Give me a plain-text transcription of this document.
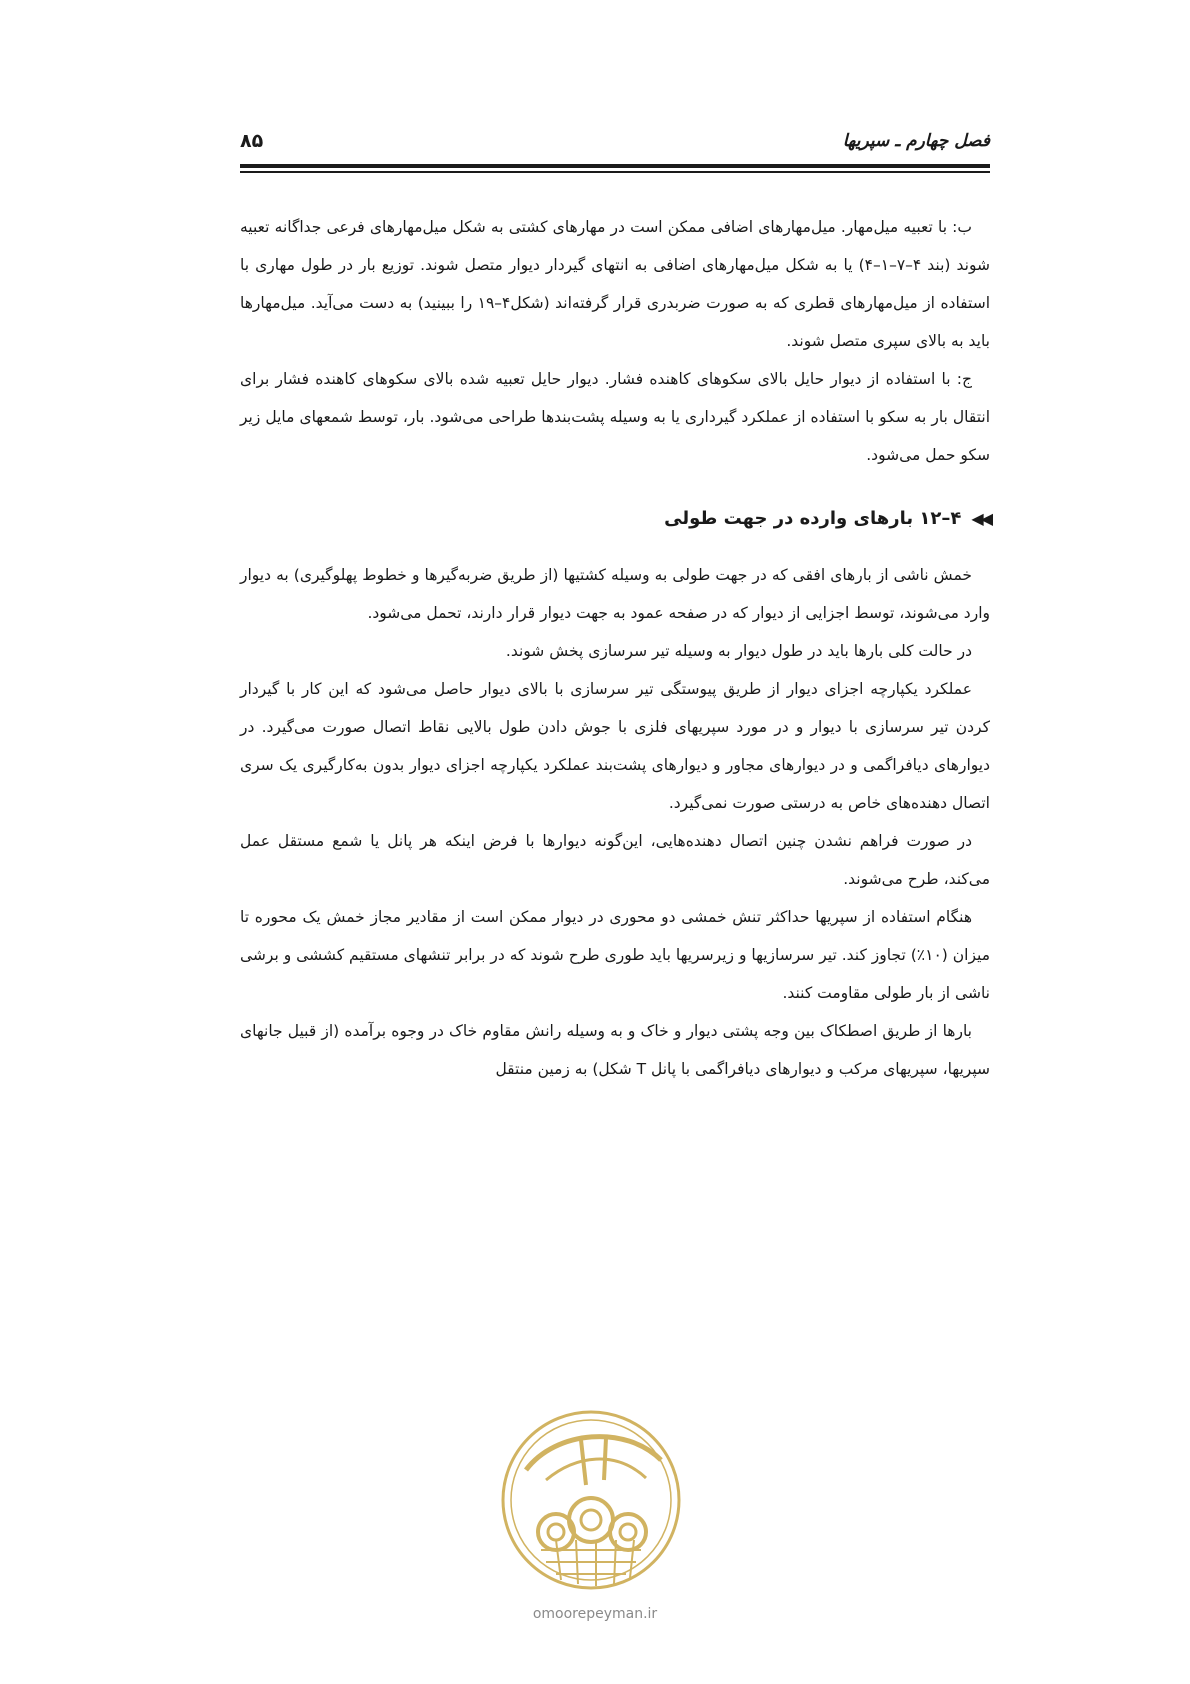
۸۵	فصل چهارم ـ سپریها

ب: با تعبیه میل‌مهار. میل‌مهارهای اضافی ممکن است در مهارهای کشتی به شکل میل‌مهارهای فرعی جداگانه تعبیه شوند (بند ۴–۷–۱–۴) یا به شکل میل‌مهارهای اضافی به انتهای گیردار دیوار متصل شوند. توزیع بار در طول مهاری با استفاده از میل‌مهارهای قطری که به صورت ضربدری قرار گرفته‌اند (شکل۴–۱۹ را ببینید) به دست می‌آید. میل‌مهارها باید به بالای سپری متصل شوند.

ج: با استفاده از دیوار حایل بالای سکوهای کاهنده فشار. دیوار حایل تعبیه شده بالای سکوهای کاهنده فشار برای انتقال بار به سکو با استفاده از عملکرد گیرداری یا به وسیله پشت‌بندها طراحی می‌شود. بار، توسط شمعهای مایل زیر سکو حمل می‌شود.

◀◀
۴–۱۲ بارهای وارده در جهت طولی

خمش ناشی از بارهای افقی که در جهت طولی به وسیله کشتیها (از طریق ضربه‌گیرها و خطوط پهلوگیری) به دیوار وارد می‌شوند، توسط اجزایی از دیوار که در صفحه عمود به جهت دیوار قرار دارند، تحمل می‌شود.

در حالت کلی بارها باید در طول دیوار به وسیله تیر سرسازی پخش شوند.

عملکرد یکپارچه اجزای دیوار از طریق پیوستگی تیر سرسازی با بالای دیوار حاصل می‌شود که این کار با گیردار کردن تیر سرسازی با دیوار و در مورد سپریهای فلزی با جوش دادن طول بالایی نقاط اتصال صورت می‌گیرد. در دیوارهای دیافراگمی و در دیوارهای مجاور و دیوارهای پشت‌بند عملکرد یکپارچه اجزای دیوار بدون به‌کارگیری یک سری اتصال دهنده‌های خاص به درستی صورت نمی‌گیرد.

در صورت فراهم نشدن چنین اتصال دهنده‌هایی، این‌گونه دیوارها با فرض اینکه هر پانل یا شمع مستقل عمل می‌کند، طرح می‌شوند.

هنگام استفاده از سپریها حداکثر تنش خمشی دو محوری در دیوار ممکن است از مقادیر مجاز خمش یک محوره تا میزان (۱۰٪) تجاوز کند. تیر سرسازیها و زیرسریها باید طوری طرح شوند که در برابر تنشهای مستقیم کششی و برشی ناشی از بار طولی مقاومت کنند.

بارها از طریق اصطکاک بین وجه پشتی دیوار و خاک و به وسیله رانش مقاوم خاک در وجوه برآمده (از قبیل جانهای سپریها، سپریهای مرکب و دیوارهای دیافراگمی با پانل T شکل) به زمین منتقل

omoorepeyman.ir
